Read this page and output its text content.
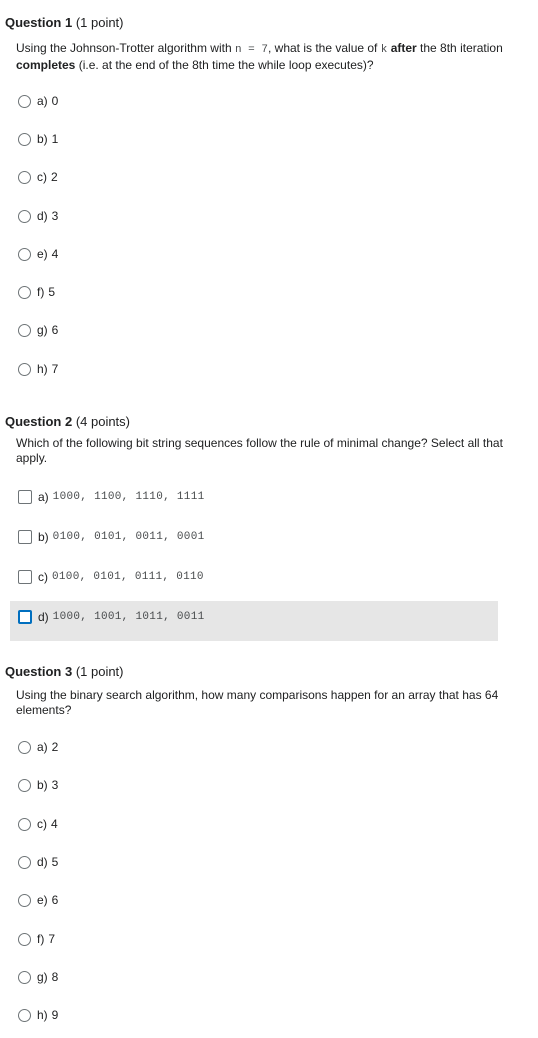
Question 1 (1 point)
Using the Johnson-Trotter algorithm with n = 7, what is the value of k after the 8th iteration completes (i.e. at the end of the 8th time the while loop executes)?
a) 0
b) 1
c) 2
d) 3
e) 4
f) 5
g) 6
h) 7
Question 2 (4 points)
Which of the following bit string sequences follow the rule of minimal change? Select all that apply.
a) 1000, 1100, 1110, 1111
b) 0100, 0101, 0011, 0001
c) 0100, 0101, 0111, 0110
d) 1000, 1001, 1011, 0011
Question 3 (1 point)
Using the binary search algorithm, how many comparisons happen for an array that has 64 elements?
a) 2
b) 3
c) 4
d) 5
e) 6
f) 7
g) 8
h) 9
